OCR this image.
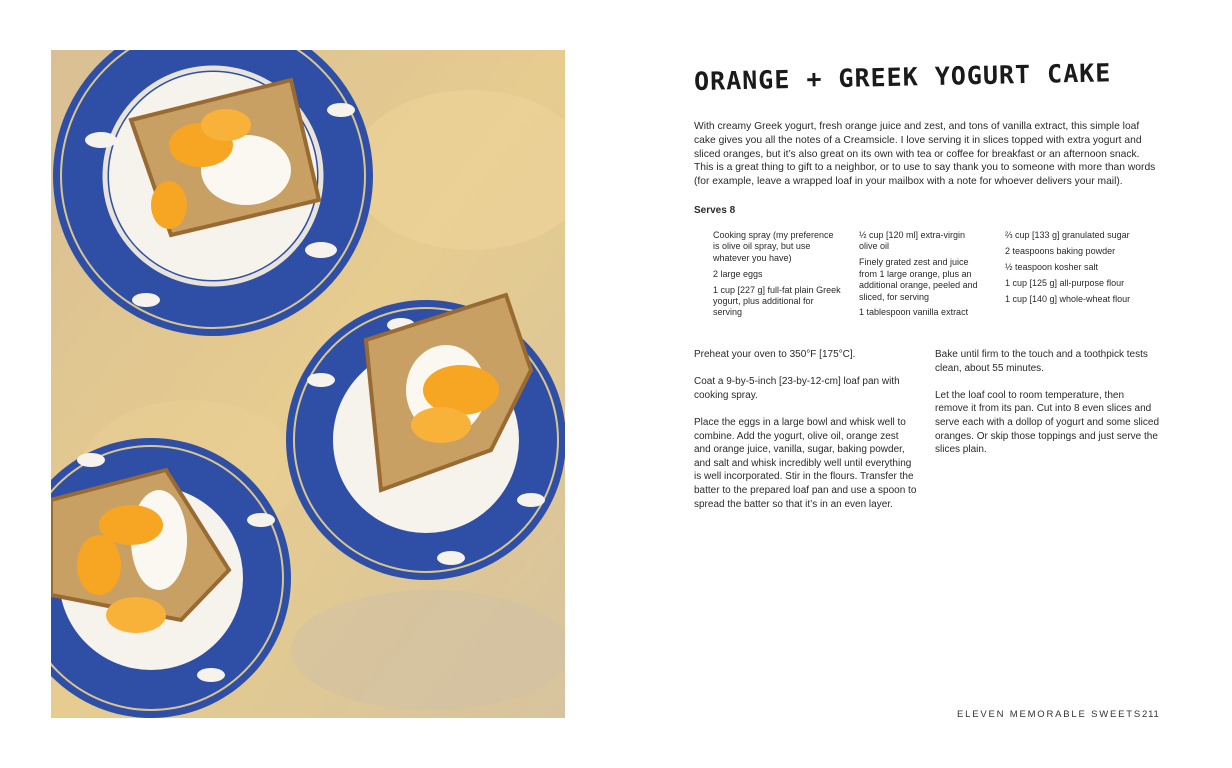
ORANGE + GREEK YOGURT CAKE

With creamy Greek yogurt, fresh orange juice and zest, and tons of vanilla extract, this simple loaf cake gives you all the notes of a Creamsicle. I love serving it in slices topped with extra yogurt and sliced oranges, but it’s also great on its own with tea or coffee for breakfast or an afternoon snack. This is a great thing to gift to a neighbor, or to use to say thank you to someone with more than words (for example, leave a wrapped loaf in your mailbox with a note for whoever delivers your mail).

Serves 8
Cooking spray (my preference is olive oil spray, but use whatever you have)
2 large eggs
1 cup [227 g] full-fat plain Greek yogurt, plus additional for serving
½ cup [120 ml] extra-virgin olive oil
Finely grated zest and juice from 1 large orange, plus an additional orange, peeled and sliced, for serving
1 tablespoon vanilla extract
⅔ cup [133 g] granulated sugar
2 teaspoons baking powder
½ teaspoon kosher salt
1 cup [125 g] all-purpose flour
1 cup [140 g] whole-wheat flour
Preheat your oven to 350°F [175°C].
Coat a 9-by-5-inch [23-by-12-cm] loaf pan with cooking spray.
Place the eggs in a large bowl and whisk well to combine. Add the yogurt, olive oil, orange zest and orange juice, vanilla, sugar, baking powder, and salt and whisk incredibly well until everything is well incorporated. Stir in the flours. Transfer the batter to the prepared loaf pan and use a spoon to spread the batter so that it’s in an even layer.
Bake until firm to the touch and a toothpick tests clean, about 55 minutes.
Let the loaf cool to room temperature, then remove it from its pan. Cut into 8 even slices and serve each with a dollop of yogurt and some sliced oranges. Or skip those toppings and just serve the slices plain.
ELEVEN MEMORABLE SWEETS 211
